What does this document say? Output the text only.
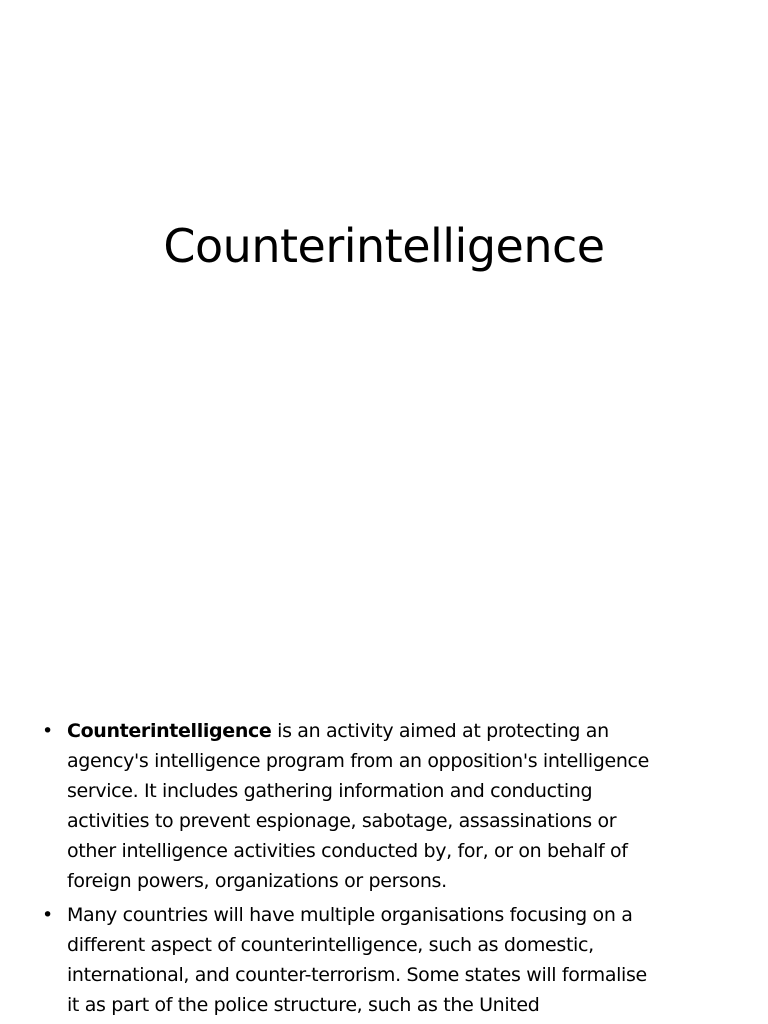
Counterintelligence
• Counterintelligence is an activity aimed at protecting an
agency's intelligence program from an opposition's intelligence
service. It includes gathering information and conducting
activities to prevent espionage, sabotage, assassinations or
other intelligence activities conducted by, for, or on behalf of
foreign powers, organizations or persons.
• Many countries will have multiple organisations focusing on a
different aspect of counterintelligence, such as domestic,
international, and counter-terrorism. Some states will formalise
it as part of the police structure, such as the United
